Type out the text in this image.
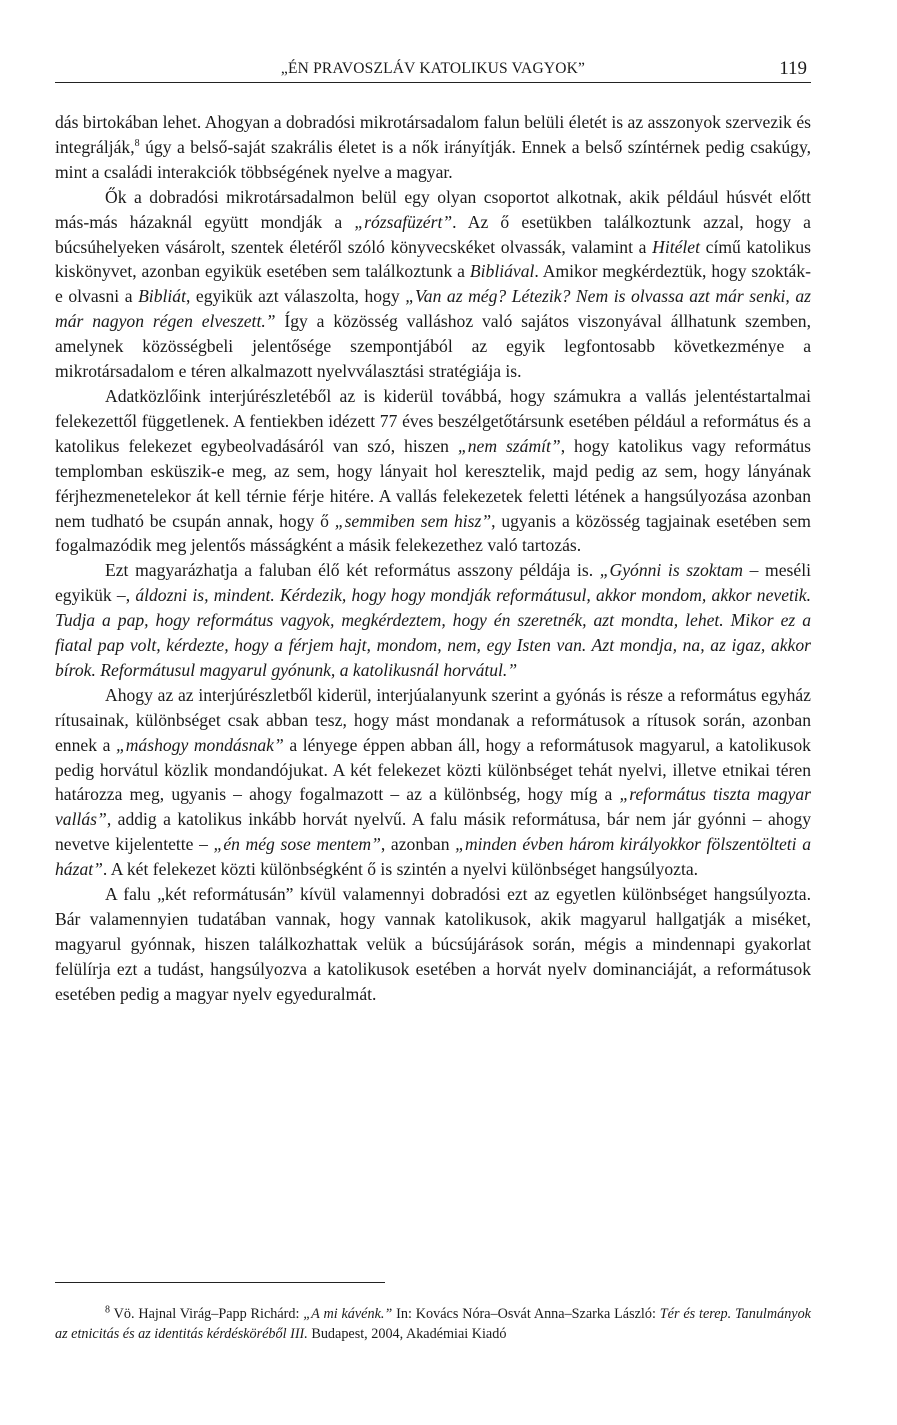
„ÉN PRAVOSZLÁV KATOLIKUS VAGYOK”	119

dás birtokában lehet. Ahogyan a dobradósi mikrotársadalom falun belüli életét is az asszonyok szervezik és integrálják,$^8$ úgy a belső-saját szakrális életet is a nők irányítják. Ennek a belső színtérnek pedig csakúgy, mint a családi interakciók többségének nyelve a magyar.

Ők a dobradósi mikrotársadalmon belül egy olyan csoportot alkotnak, akik például húsvét előtt más-más házaknál együtt mondják a „rózsafüzért”. Az ő esetükben találkoztunk azzal, hogy a búcsúhelyeken vásárolt, szentek életéről szóló könyvecskéket olvassák, valamint a Hitélet című katolikus kiskönyvet, azonban egyikük esetében sem találkoztunk a Bibliával. Amikor megkérdeztük, hogy szokták-e olvasni a Bibliát, egyikük azt válaszolta, hogy „Van az még? Létezik? Nem is olvassa azt már senki, az már nagyon régen elveszett.” Így a közösség valláshoz való sajátos viszonyával állhatunk szemben, amelynek közösségbeli jelentősége szempontjából az egyik legfontosabb következménye a mikrotársadalom e téren alkalmazott nyelvválasztási stratégiája is.

Adatközlőink interjúrészletéből az is kiderül továbbá, hogy számukra a vallás jelentéstartalmai felekezettől függetlenek. A fentiekben idézett 77 éves beszélgetőtársunk esetében például a református és a katolikus felekezet egybeolvadásáról van szó, hiszen „nem számít”, hogy katolikus vagy református templomban esküszik-e meg, az sem, hogy lányait hol keresztelik, majd pedig az sem, hogy lányának férjhezmenetelekor át kell térnie férje hitére. A vallás felekezetek feletti létének a hangsúlyozása azonban nem tudható be csupán annak, hogy ő „semmiben sem hisz”, ugyanis a közösség tagjainak esetében sem fogalmazódik meg jelentős másságként a másik felekezethez való tartozás.

Ezt magyarázhatja a faluban élő két református asszony példája is. „Gyónni is szoktam – meséli egyikük –, áldozni is, mindent. Kérdezik, hogy hogy mondják reformátusul, akkor mondom, akkor nevetik. Tudja a pap, hogy református vagyok, megkérdeztem, hogy én szeretnék, azt mondta, lehet. Mikor ez a fiatal pap volt, kérdezte, hogy a férjem hajt, mondom, nem, egy Isten van. Azt mondja, na, az igaz, akkor bírok. Reformátusul magyarul gyónunk, a katolikusnál horvátul.”

Ahogy az az interjúrészletből kiderül, interjúalanyunk szerint a gyónás is része a református egyház rítusainak, különbséget csak abban tesz, hogy mást mondanak a reformátusok a rítusok során, azonban ennek a „máshogy mondásnak” a lényege éppen abban áll, hogy a reformátusok magyarul, a katolikusok pedig horvátul közlik mondandójukat. A két felekezet közti különbséget tehát nyelvi, illetve etnikai téren határozza meg, ugyanis – ahogy fogalmazott – az a különbség, hogy míg a „református tiszta magyar vallás”, addig a katolikus inkább horvát nyelvű. A falu másik reformátusa, bár nem jár gyónni – ahogy nevetve kijelentette – „én még sose mentem”, azonban „minden évben három királyokkor fölszentölteti a házat”. A két felekezet közti különbségként ő is szintén a nyelvi különbséget hangsúlyozta.

A falu „két reformátusán” kívül valamennyi dobradósi ezt az egyetlen különbséget hangsúlyozta. Bár valamennyien tudatában vannak, hogy vannak katolikusok, akik magyarul hallgatják a miséket, magyarul gyónnak, hiszen találkozhattak velük a búcsújárások során, mégis a mindennapi gyakorlat felülírja ezt a tudást, hangsúlyozva a katolikusok esetében a horvát nyelv dominanciáját, a reformátusok esetében pedig a magyar nyelv egyeduralmát.

$^8$ Vö. Hajnal Virág–Papp Richárd: „A mi kávénk.” In: Kovács Nóra–Osvát Anna–Szarka László: Tér és terep. Tanulmányok az etnicitás és az identitás kérdésköréből III. Budapest, 2004, Akadémiai Kiadó
